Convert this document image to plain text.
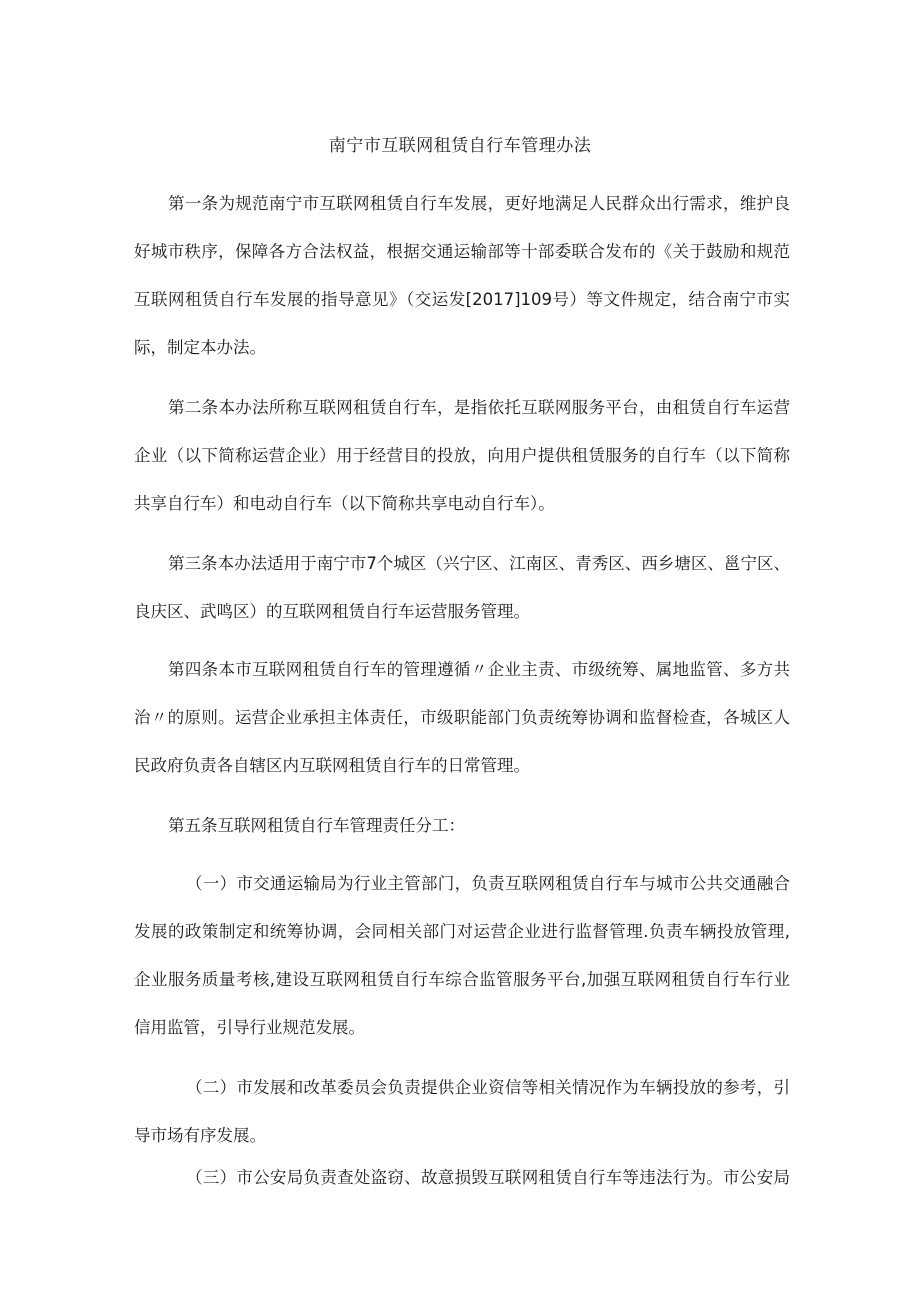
南宁市互联网租赁自行车管理办法
第一条为规范南宁市互联网租赁自行车发展，更好地满足人民群众出行需求，维护良
好城市秩序，保障各方合法权益，根据交通运输部等十部委联合发布的《关于鼓励和规范
互联网租赁自行车发展的指导意见》（交运发[2017]109号）等文件规定，结合南宁市实
际，制定本办法。
第二条本办法所称互联网租赁自行车，是指依托互联网服务平台，由租赁自行车运营
企业（以下简称运营企业）用于经营目的投放，向用户提供租赁服务的自行车（以下简称
共享自行车）和电动自行车（以下简称共享电动自行车）。
第三条本办法适用于南宁市7个城区（兴宁区、江南区、青秀区、西乡塘区、邕宁区、
良庆区、武鸣区）的互联网租赁自行车运营服务管理。
第四条本市互联网租赁自行车的管理遵循〃企业主责、市级统筹、属地监管、多方共
治〃的原则。运营企业承担主体责任，市级职能部门负责统筹协调和监督检查，各城区人
民政府负责各自辖区内互联网租赁自行车的日常管理。
第五条互联网租赁自行车管理责任分工：
（一）市交通运输局为行业主管部门，负责互联网租赁自行车与城市公共交通融合
发展的政策制定和统筹协调，会同相关部门对运营企业进行监督管理.负责车辆投放管理,
企业服务质量考核,建设互联网租赁自行车综合监管服务平台,加强互联网租赁自行车行业
信用监管，引导行业规范发展。
（二）市发展和改革委员会负责提供企业资信等相关情况作为车辆投放的参考，引
导市场有序发展。
（三）市公安局负责查处盗窃、故意损毁互联网租赁自行车等违法行为。市公安局
